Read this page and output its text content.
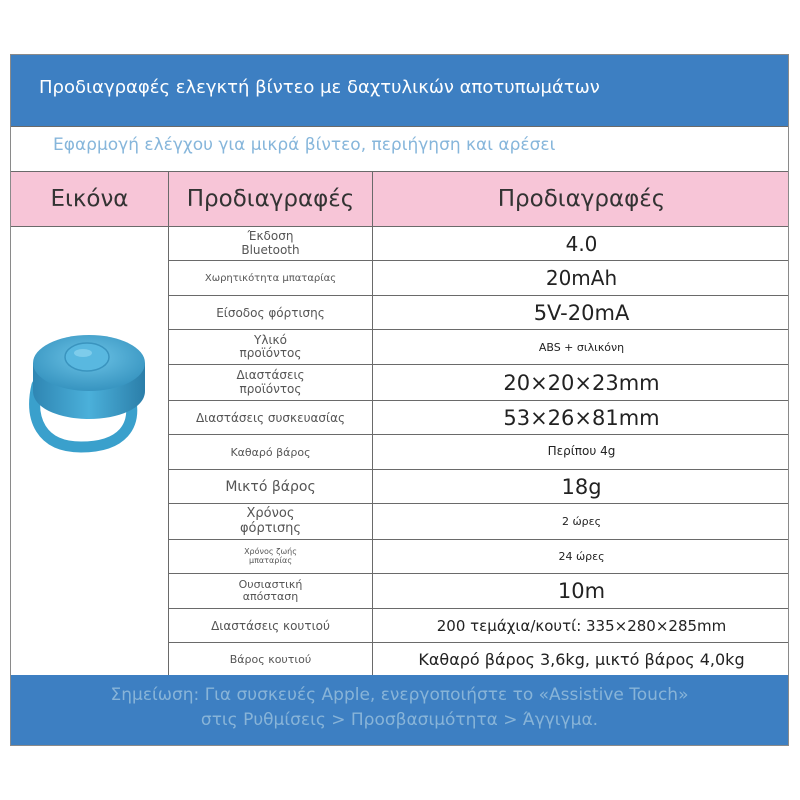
Προδιαγραφές ελεγκτή βίντεο με δαχτυλικών αποτυπωμάτων
Εφαρμογή ελέγχου για μικρά βίντεο, περιήγηση και αρέσει
Εικόνα	Προδιαγραφές	Προδιαγραφές
Έκδοση Bluetooth	4.0
Χωρητικότητα μπαταρίας	20mAh
Είσοδος φόρτισης	5V-20mA
Υλικό προϊόντος	ABS + σιλικόνη
Διαστάσεις προϊόντος	20×20×23mm
Διαστάσεις συσκευασίας	53×26×81mm
Καθαρό βάρος	Περίπου 4g
Μικτό βάρος	18g
Χρόνος φόρτισης	2 ώρες
Χρόνος ζωής μπαταρίας	24 ώρες
Ουσιαστική απόσταση	10m
Διαστάσεις κουτιού	200 τεμάχια/κουτί: 335×280×285mm
Βάρος κουτιού	Καθαρό βάρος 3,6kg, μικτό βάρος 4,0kg
Σημείωση: Για συσκευές Apple, ενεργοποιήστε το «Assistive Touch»
στις Ρυθμίσεις > Προσβασιμότητα > Άγγιγμα.
